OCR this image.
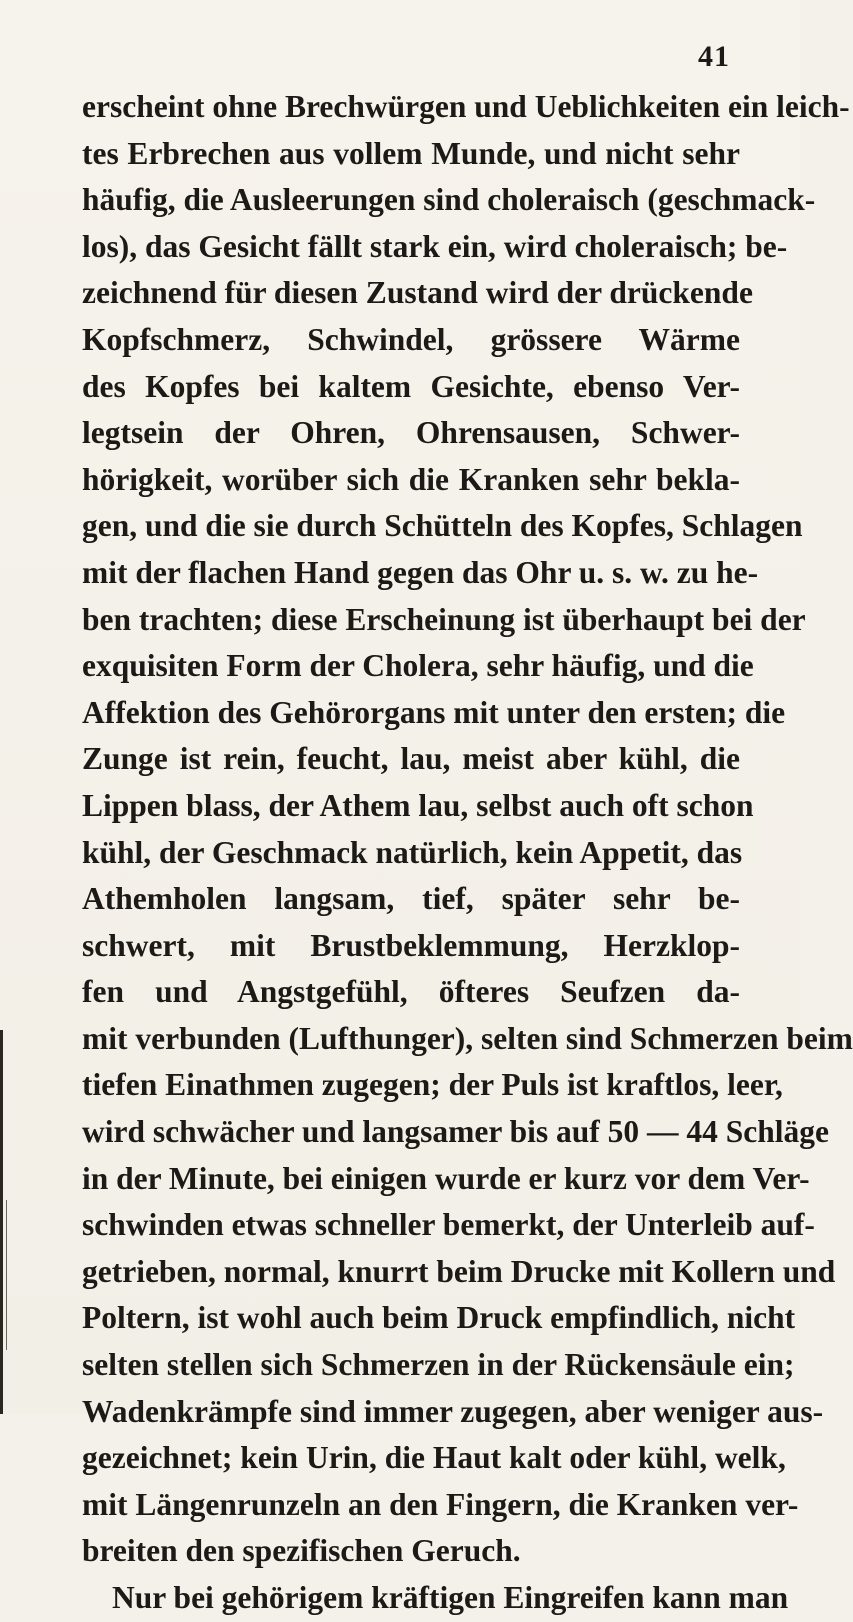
41
erscheint ohne Brechwürgen und Ueblichkeiten ein leich-
tes Erbrechen aus vollem Munde, und nicht sehr
häufig, die Ausleerungen sind choleraisch (geschmack-
los), das Gesicht fällt stark ein, wird choleraisch; be-
zeichnend für diesen Zustand wird der drückende
Kopfschmerz, Schwindel, grössere Wärme
des Kopfes bei kaltem Gesichte, ebenso Ver-
legtsein der Ohren, Ohrensausen, Schwer-
hörigkeit, worüber sich die Kranken sehr bekla-
gen, und die sie durch Schütteln des Kopfes, Schlagen
mit der flachen Hand gegen das Ohr u. s. w. zu he-
ben trachten; diese Erscheinung ist überhaupt bei der
exquisiten Form der Cholera, sehr häufig, und die
Affektion des Gehörorgans mit unter den ersten; die
Zunge ist rein, feucht, lau, meist aber kühl, die
Lippen blass, der Athem lau, selbst auch oft schon
kühl, der Geschmack natürlich, kein Appetit, das
Athemholen langsam, tief, später sehr be-
schwert, mit Brustbeklemmung, Herzklop-
fen und Angstgefühl, öfteres Seufzen da-
mit verbunden (Lufthunger), selten sind Schmerzen beim
tiefen Einathmen zugegen; der Puls ist kraftlos, leer,
wird schwächer und langsamer bis auf 50 — 44 Schläge
in der Minute, bei einigen wurde er kurz vor dem Ver-
schwinden etwas schneller bemerkt, der Unterleib auf-
getrieben, normal, knurrt beim Drucke mit Kollern und
Poltern, ist wohl auch beim Druck empfindlich, nicht
selten stellen sich Schmerzen in der Rückensäule ein;
Wadenkrämpfe sind immer zugegen, aber weniger aus-
gezeichnet; kein Urin, die Haut kalt oder kühl, welk,
mit Längenrunzeln an den Fingern, die Kranken ver-
breiten den spezifischen Geruch.
Nur bei gehörigem kräftigen Eingreifen kann man
